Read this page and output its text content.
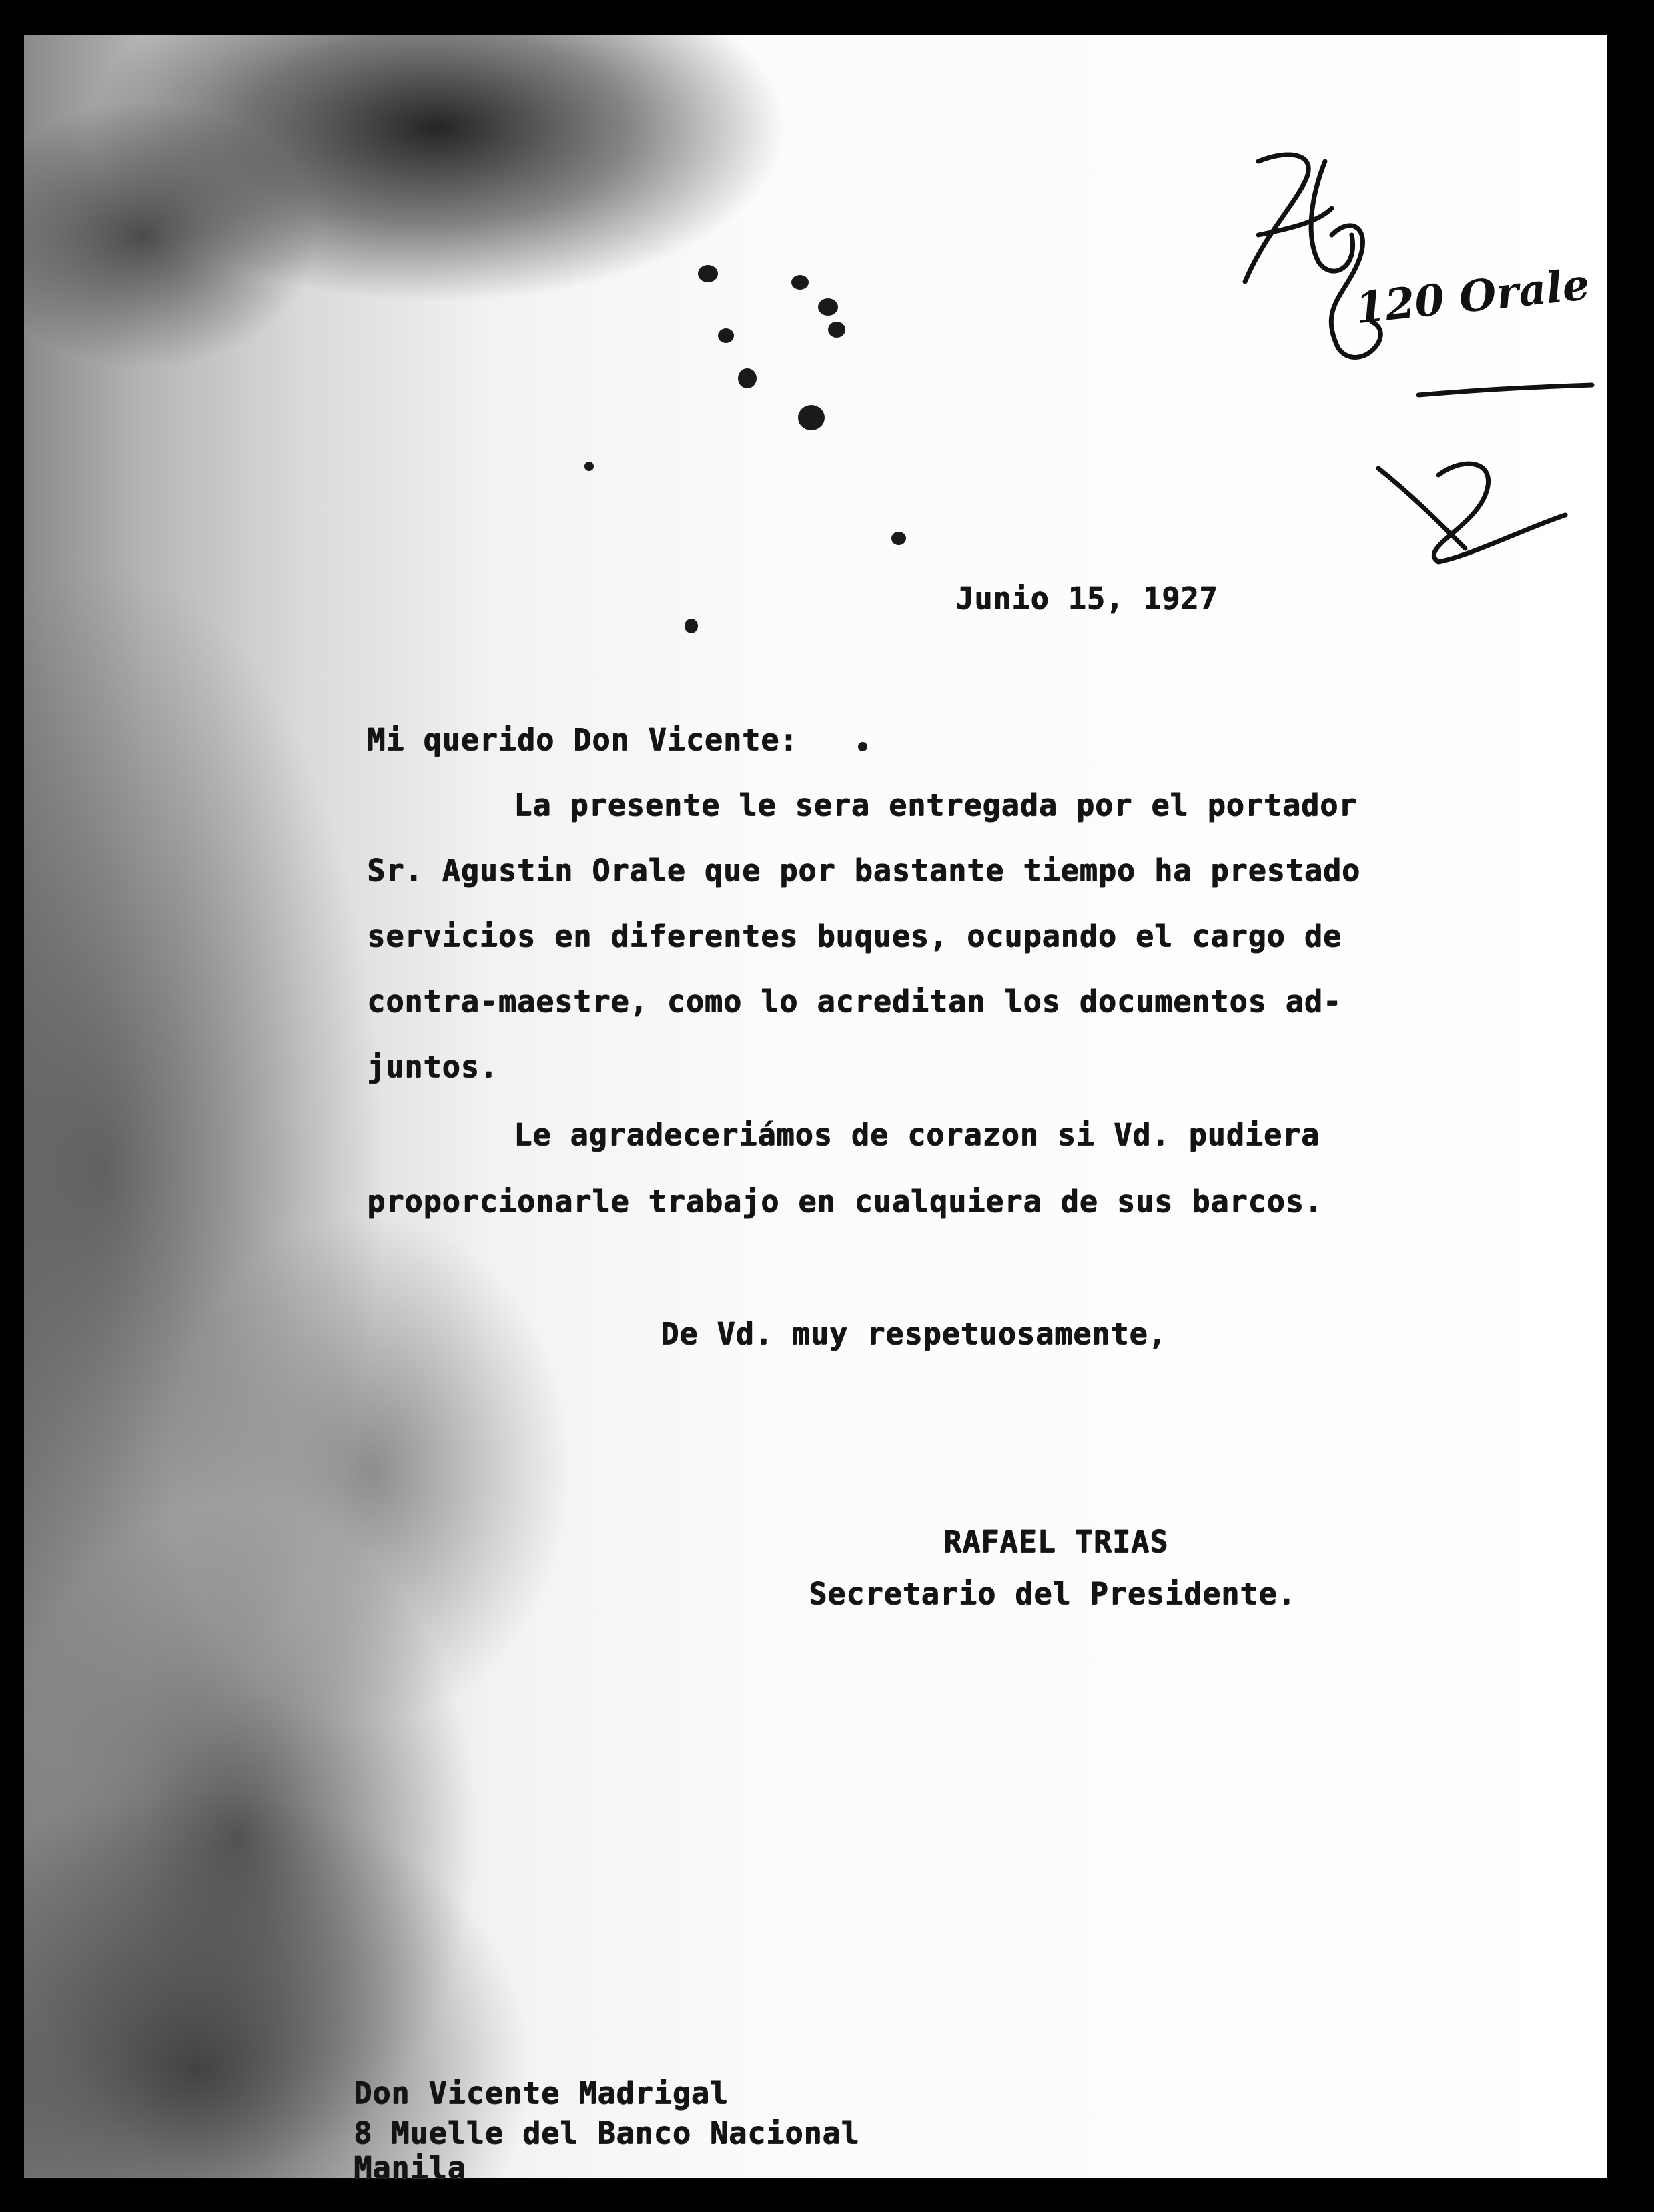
120 Orale
Junio 15, 1927
Mi querido Don Vicente:
La presente le sera entregada por el portador
Sr. Agustin Orale que por bastante tiempo ha prestado
servicios en diferentes buques, ocupando el cargo de
contra-maestre, como lo acreditan los documentos ad-
juntos.
Le agradeceriámos de corazon si Vd. pudiera
proporcionarle trabajo en cualquiera de sus barcos.
De Vd. muy respetuosamente,
RAFAEL TRIAS
Secretario del Presidente.
Don Vicente Madrigal
8 Muelle del Banco Nacional
Manila
